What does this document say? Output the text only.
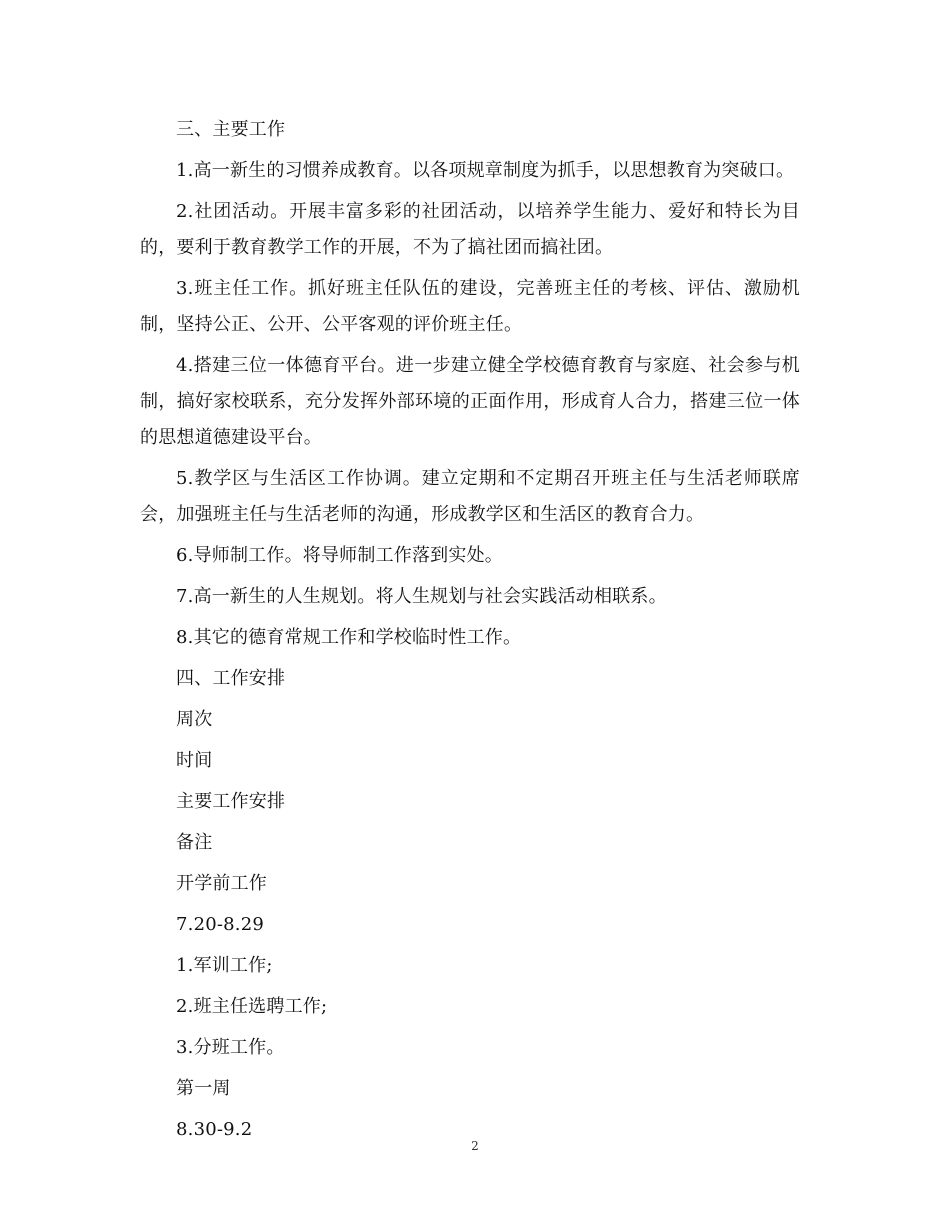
三、主要工作

1.高一新生的习惯养成教育。以各项规章制度为抓手，以思想教育为突破口。

2.社团活动。开展丰富多彩的社团活动，以培养学生能力、爱好和特长为目的，要利于教育教学工作的开展，不为了搞社团而搞社团。

3.班主任工作。抓好班主任队伍的建设，完善班主任的考核、评估、激励机制，坚持公正、公开、公平客观的评价班主任。

4.搭建三位一体德育平台。进一步建立健全学校德育教育与家庭、社会参与机制，搞好家校联系，充分发挥外部环境的正面作用，形成育人合力，搭建三位一体的思想道德建设平台。

5.教学区与生活区工作协调。建立定期和不定期召开班主任与生活老师联席会，加强班主任与生活老师的沟通，形成教学区和生活区的教育合力。

6.导师制工作。将导师制工作落到实处。

7.高一新生的人生规划。将人生规划与社会实践活动相联系。

8.其它的德育常规工作和学校临时性工作。

四、工作安排

周次

时间

主要工作安排

备注

开学前工作

7.20-8.29

1.军训工作;

2.班主任选聘工作;

3.分班工作。

第一周

8.30-9.2

2
